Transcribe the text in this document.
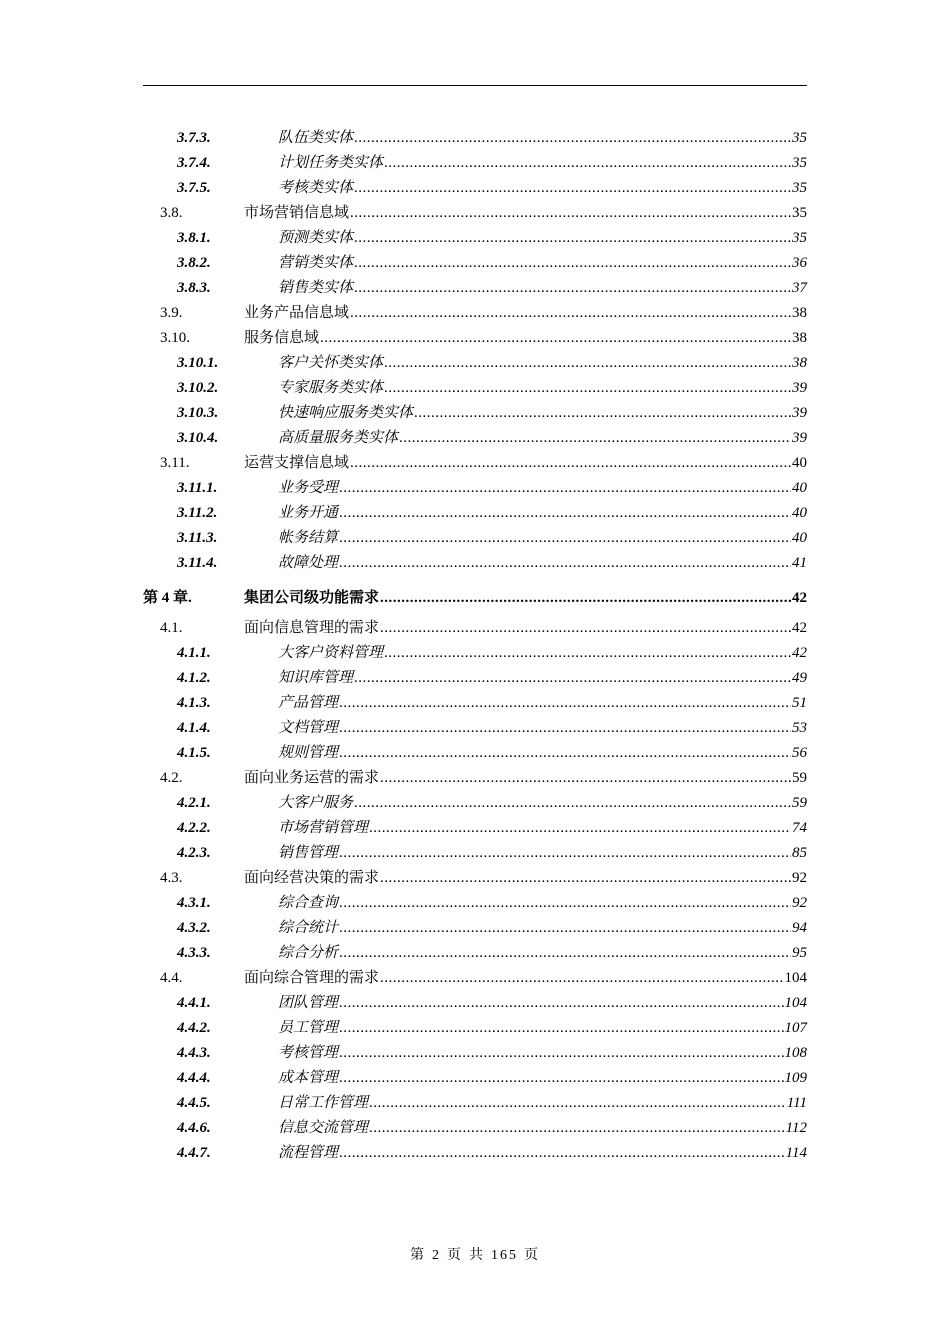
3.7.3.	队伍类实体 .....	35
3.7.4.	计划任务类实体 .....	35
3.7.5.	考核类实体 .....	35
3.8.	市场营销信息域 .....	35
3.8.1.	预测类实体 .....	35
3.8.2.	营销类实体 .....	36
3.8.3.	销售类实体 .....	37
3.9.	业务产品信息域 .....	38
3.10.	服务信息域 .....	38
3.10.1.	客户关怀类实体 .....	38
3.10.2.	专家服务类实体 .....	39
3.10.3.	快速响应服务类实体 .....	39
3.10.4.	高质量服务类实体 .....	39
3.11.	运营支撑信息域 .....	40
3.11.1.	业务受理 .....	40
3.11.2.	业务开通 .....	40
3.11.3.	帐务结算 .....	40
3.11.4.	故障处理 .....	41
第 4 章.	集团公司级功能需求 .....	42
4.1.	面向信息管理的需求 .....	42
4.1.1.	大客户资料管理 .....	42
4.1.2.	知识库管理 .....	49
4.1.3.	产品管理 .....	51
4.1.4.	文档管理 .....	53
4.1.5.	规则管理 .....	56
4.2.	面向业务运营的需求 .....	59
4.2.1.	大客户服务 .....	59
4.2.2.	市场营销管理 .....	74
4.2.3.	销售管理 .....	85
4.3.	面向经营决策的需求 .....	92
4.3.1.	综合查询 .....	92
4.3.2.	综合统计 .....	94
4.3.3.	综合分析 .....	95
4.4.	面向综合管理的需求 .....	104
4.4.1.	团队管理 .....	104
4.4.2.	员工管理 .....	107
4.4.3.	考核管理 .....	108
4.4.4.	成本管理 .....	109
4.4.5.	日常工作管理 .....	111
4.4.6.	信息交流管理 .....	112
4.4.7.	流程管理 .....	114
第 2 页 共 165 页
